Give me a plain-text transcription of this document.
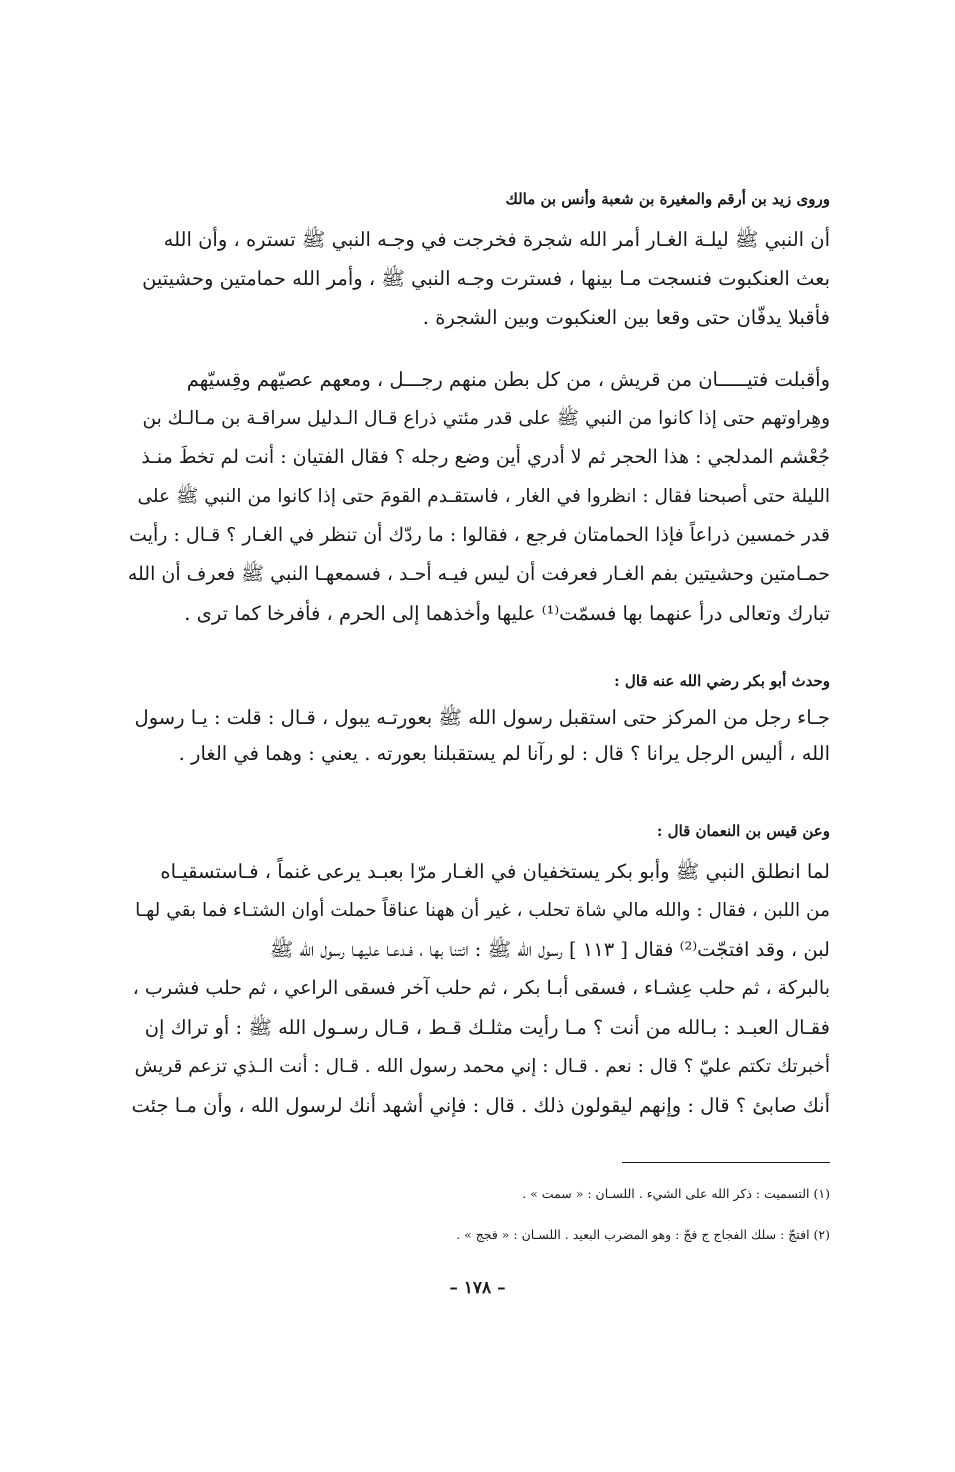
وروى زيد بن أرقم والمغيرة بن شعبة وأنس بن مالك
أن النبي ﷺ ليلـة الغـار أمر الله شجرة فخرجت في وجـه النبي ﷺ تستره ، وأن الله
بعث العنكبوت فنسجت مـا بينها ، فسترت وجـه النبي ﷺ ، وأمر الله حمامتين وحشيتين
فأقبلا يدفّان حتى وقعا بين العنكبوت وبين الشجرة .
وأقبلت فتيـــــان من قريش ، من كل بطن منهم رجـــل ، ومعهم عصيّهم وقِسيّهم
وهِراوتهم حتى إذا كانوا من النبي ﷺ على قدر مئتي ذراع قـال الـدليل سراقـة بن مـالـك بن
جُعْشم المدلجي : هذا الحجر ثم لا أدري أين وضع رجله ؟ فقال الفتيان : أنت لم تخطَ منـذ
الليلة حتى أصبحنا فقال : انظروا في الغار ، فاستقـدم القومَ حتى إذا كانوا من النبي ﷺ على
قدر خمسين ذراعاً فإذا الحمامتان فرجع ، فقالوا : ما ردّك أن تنظر في الغـار ؟ قـال : رأيت
حمـامتين وحشيتين بفم الغـار فعرفت أن ليس فيـه أحـد ، فسمعهـا النبي ﷺ فعرف أن الله
تبارك وتعالى درأ عنهما بها فسمّت⁽¹⁾ عليها وأخذهما إلى الحرم ، فأفرخا كما ترى .
وحدث أبو بكر رضي الله عنه قال :
جـاء رجل من المركز حتى استقبل رسول الله ﷺ بعورتـه يبول ، قـال : قلت : يـا رسول
الله ، أليس الرجل يرانا ؟ قال : لو رآنا لم يستقبلنا بعورته . يعني : وهما في الغار .
وعن قيس بن النعمان قال :
لما انطلق النبي ﷺ وأبو بكر يستخفيان في الغـار مرّا بعبـد يرعى غنماً ، فـاستسقيـاه
من اللبن ، فقال : والله مالي شاة تحلب ، غير أن ههنا عناقاً حملت أوان الشتـاء فما بقي لهـا
لبن ، وقد افتجّت⁽²⁾ فقال [ ١١٣ ] رسول الله ﷺ : ائتنا بها ، فـدعـا عليهـا رسول الله ﷺ
بالبركة ، ثم حلب عِشـاء ، فسقى أبـا بكر ، ثم حلب آخر فسقى الراعي ، ثم حلب فشرب ،
فقـال العبـد : بـالله من أنت ؟ مـا رأيت مثلـك قـط ، قـال رسـول الله ﷺ : أو تراك إن
أخبرتك تكتم عليّ ؟ قال : نعم . قـال : إني محمد رسول الله . قـال : أنت الـذي تزعم قريش
أنك صابئ ؟ قال : وإنهم ليقولون ذلك . قال : فإني أشهد أنك لرسول الله ، وأن مـا جئت
(١) التسميت : ذكر الله على الشيء . اللسـان : « سمت » .
(٢) افتجّ : سلك الفجاج ج فجّ : وهو المضرب البعيد . اللسـان : « فجج » .
– ١٧٨ –
